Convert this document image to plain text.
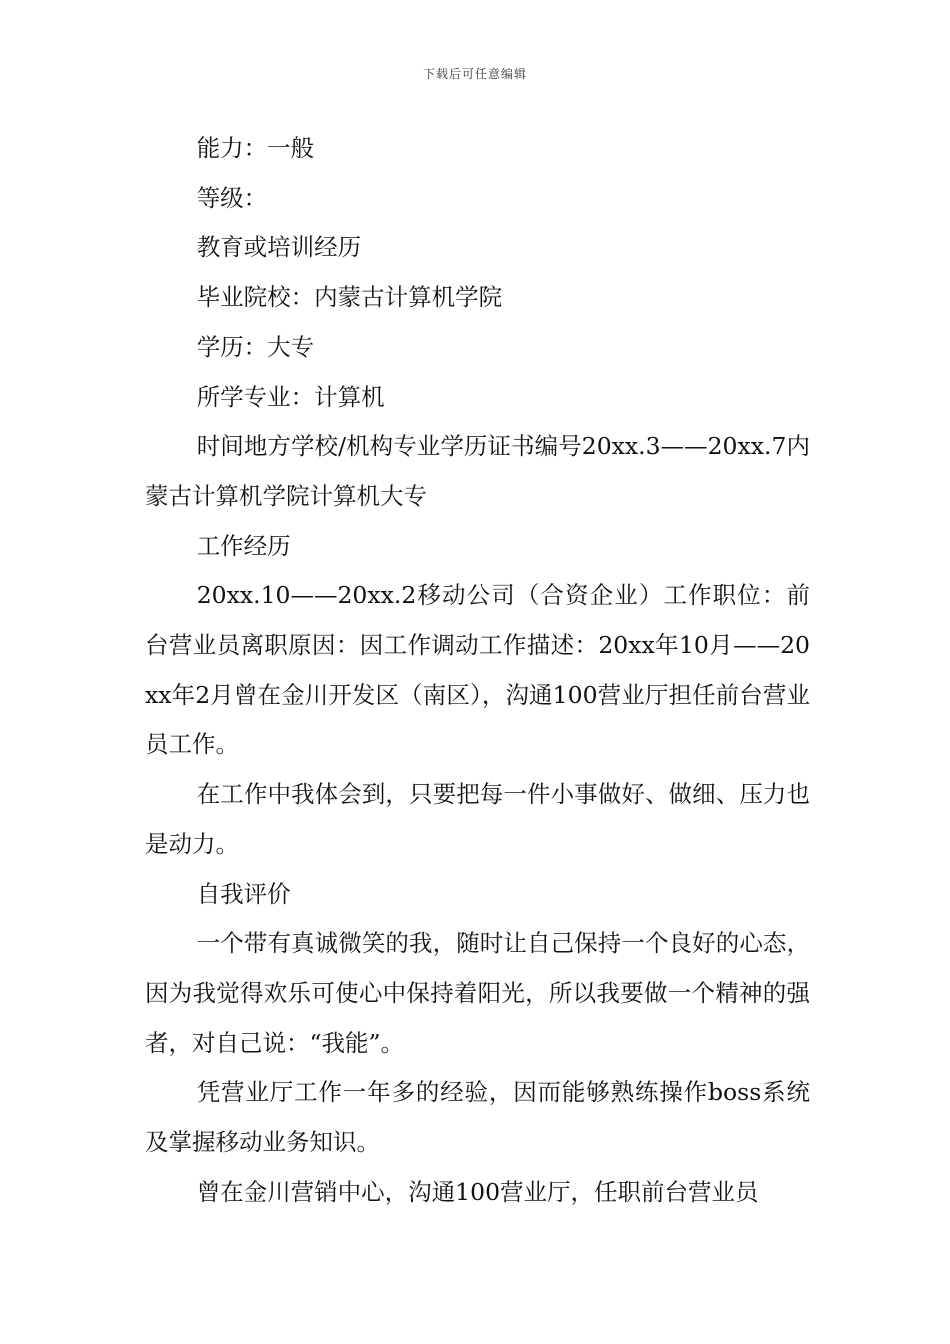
下载后可任意编辑

能力：一般

等级：

教育或培训经历

毕业院校：内蒙古计算机学院

学历：大专

所学专业：计算机

时间地方学校/机构专业学历证书编号20xx.3——20xx.7内蒙古计算机学院计算机大专

工作经历

20xx.10——20xx.2移动公司（合资企业）工作职位：前台营业员离职原因：因工作调动工作描述：20xx年10月——20xx年2月曾在金川开发区（南区），沟通100营业厅担任前台营业员工作。

在工作中我体会到，只要把每一件小事做好、做细、压力也是动力。

自我评价

一个带有真诚微笑的我，随时让自己保持一个良好的心态，因为我觉得欢乐可使心中保持着阳光，所以我要做一个精神的强者，对自己说：“我能”。

凭营业厅工作一年多的经验，因而能够熟练操作boss系统及掌握移动业务知识。

曾在金川营销中心，沟通100营业厅，任职前台营业员
